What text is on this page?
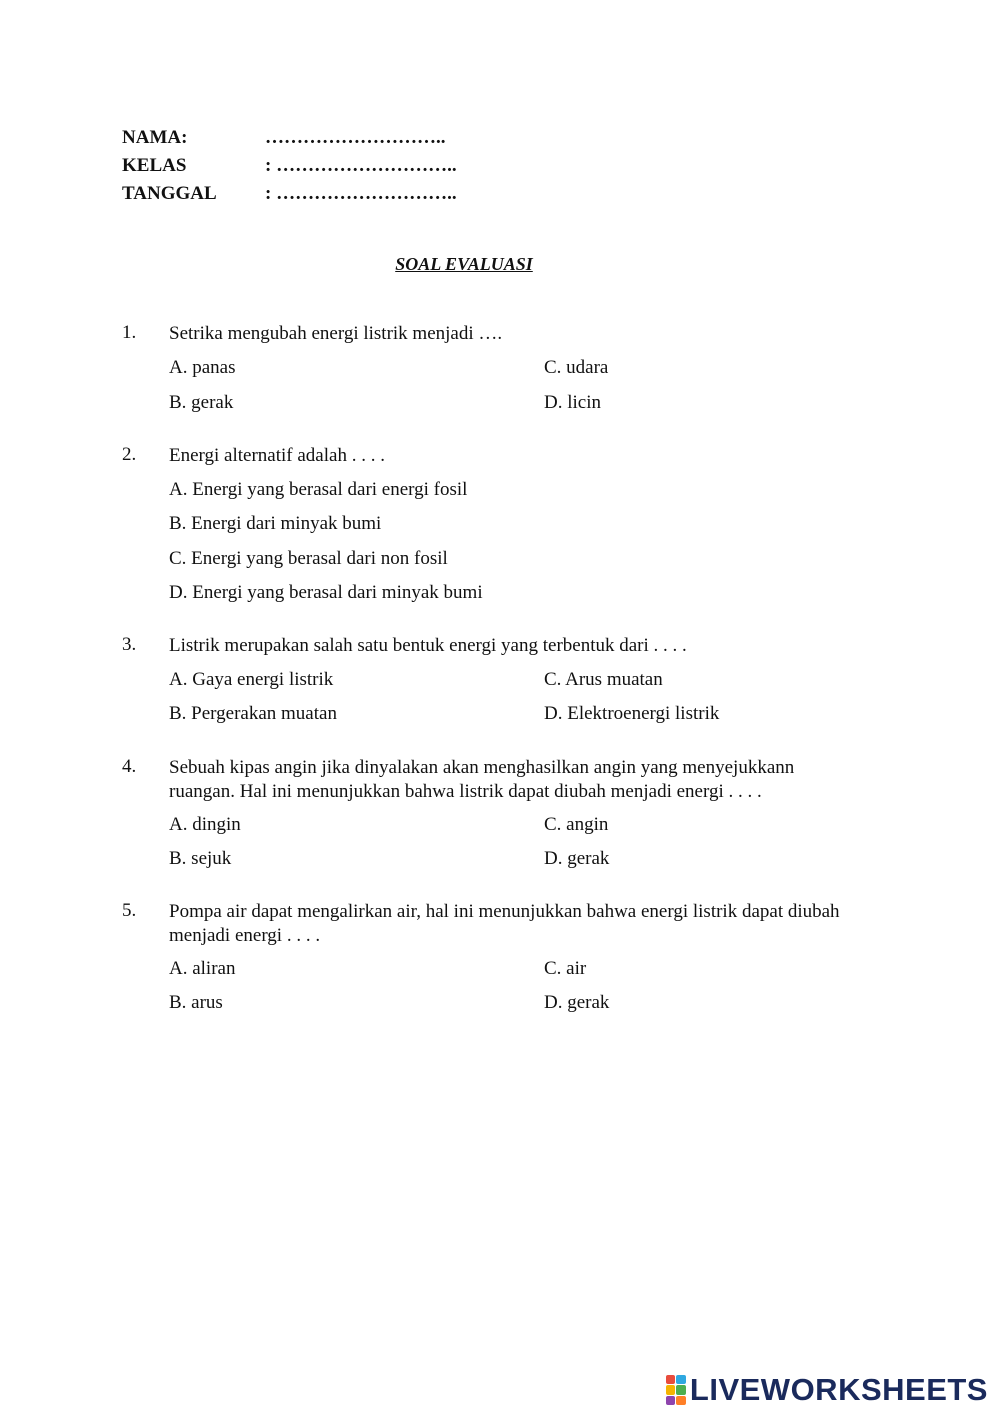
NAMA:	………………………..
KELAS	: ………………………..
TANGGAL	: ………………………..
SOAL EVALUASI
1. Setrika mengubah energi listrik menjadi ….
A. panas
B. gerak
C. udara
D. licin
2. Energi alternatif adalah . . . .
A. Energi yang berasal dari energi fosil
B. Energi dari minyak bumi
C. Energi yang berasal dari non fosil
D. Energi yang berasal dari minyak bumi
3. Listrik merupakan salah satu bentuk energi yang terbentuk dari . . . .
A. Gaya energi listrik
B. Pergerakan muatan
C. Arus muatan
D. Elektroenergi listrik
4. Sebuah kipas angin jika dinyalakan akan menghasilkan angin yang menyejukkann ruangan. Hal ini menunjukkan bahwa listrik dapat diubah menjadi energi . . . .
A. dingin
B. sejuk
C. angin
D. gerak
5. Pompa air dapat mengalirkan air, hal ini menunjukkan bahwa energi listrik dapat diubah menjadi energi . . . .
A. aliran
B. arus
C. air
D. gerak
LIVEWORKSHEETS
